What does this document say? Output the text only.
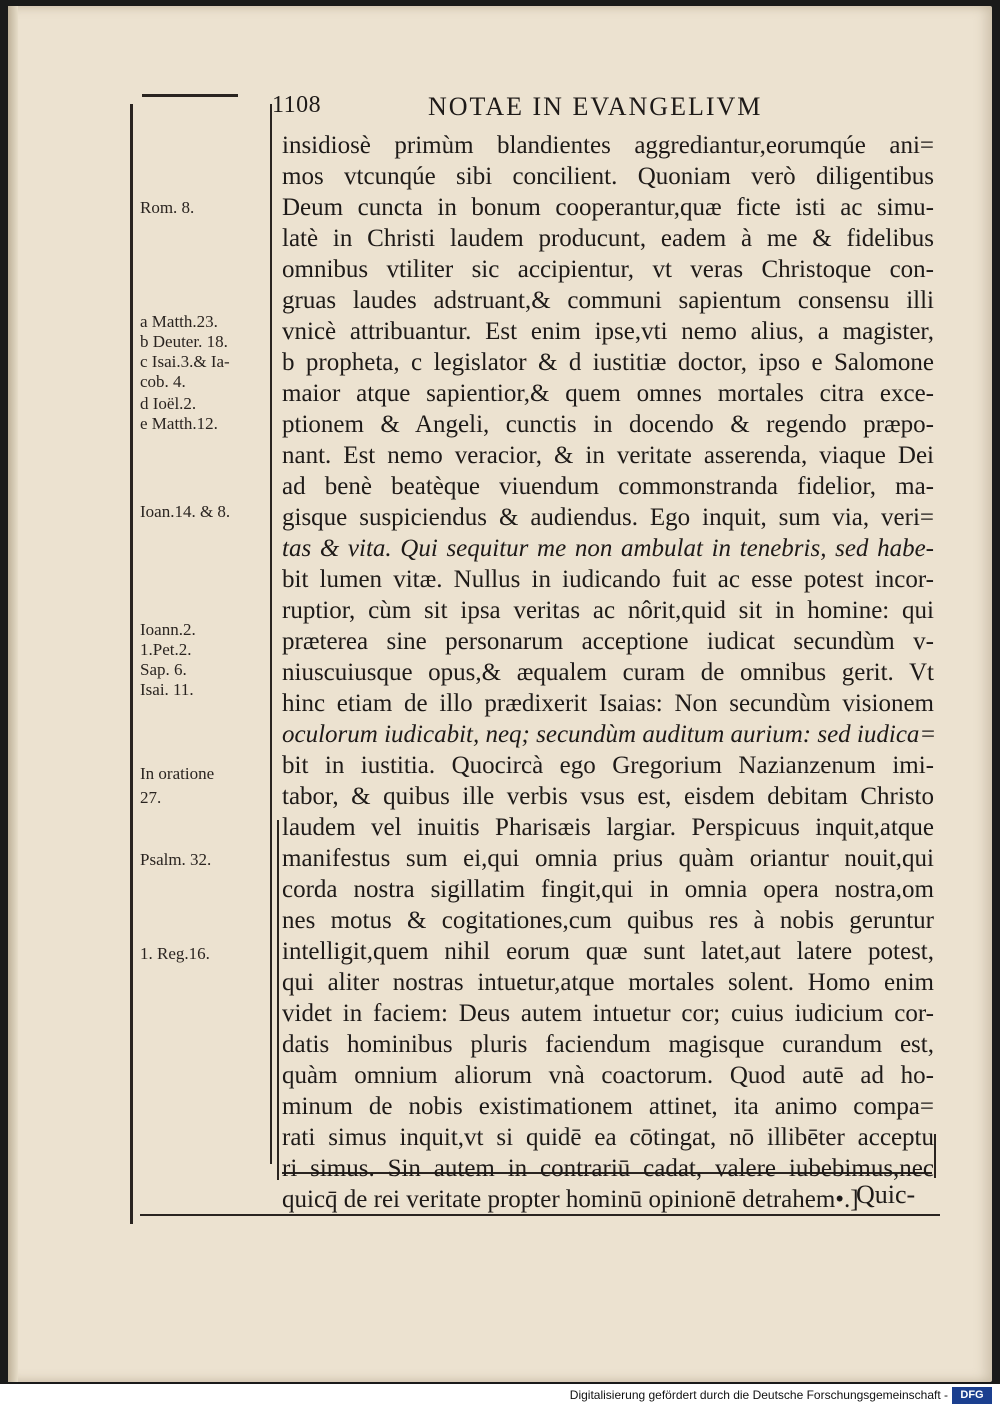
1108	NOTAE IN EVANGELIVM
insidiosè primùm blandientes aggrediantur,eorumqúe ani=
mos vtcunqúe sibi concilient. Quoniam verò diligentibus
Deum cuncta in bonum cooperantur,quæ ficte isti ac simu-
latè in Christi laudem producunt, eadem à me & fidelibus
omnibus vtiliter sic accipientur, vt veras Christoque con-
gruas laudes adstruant,& communi sapientum consensu illi
vnicè attribuantur. Est enim ipse,vti nemo alius, a magister,
b propheta, c legislator & d iustitiæ doctor, ipso e Salomone
maior atque sapientior,& quem omnes mortales citra exce-
ptionem & Angeli, cunctis in docendo & regendo præpo-
nant. Est nemo veracior, & in veritate asserenda, viaque Dei
ad benè beatèque viuendum commonstranda fidelior, ma-
gisque suspiciendus & audiendus. Ego inquit, sum via, veri=
tas & vita. Qui sequitur me non ambulat in tenebris, sed habe-
bit lumen vitæ. Nullus in iudicando fuit ac esse potest incor-
ruptior, cùm sit ipsa veritas ac nôrit,quid sit in homine: qui
præterea sine personarum acceptione iudicat secundùm v-
niuscuiusque opus,& æqualem curam de omnibus gerit. Vt
hinc etiam de illo prædixerit Isaias: Non secundùm visionem
oculorum iudicabit, neq; secundùm auditum aurium: sed iudica=
bit in iustitia. Quocircà ego Gregorium Nazianzenum imi-
tabor, & quibus ille verbis vsus est, eisdem debitam Christo
laudem vel inuitis Pharisæis largiar. Perspicuus inquit,atque
manifestus sum ei,qui omnia prius quàm oriantur nouit,qui
corda nostra sigillatim fingit,qui in omnia opera nostra,om
nes motus & cogitationes,cum quibus res à nobis geruntur
intelligit,quem nihil eorum quæ sunt latet,aut latere potest,
qui aliter nostras intuetur,atque mortales solent. Homo enim
videt in faciem: Deus autem intuetur cor; cuius iudicium cor-
datis hominibus pluris faciendum magisque curandum est,
quàm omnium aliorum vnà coactorum. Quod autē ad ho-
minum de nobis existimationem attinet, ita animo compa=
rati simus inquit,vt si quidē ea cōtingat, nō illibēter acceptu
ri simus. Sin autem in contrariū cadat, valere iubebimus,nec
quicq̄ de rei veritate propter hominū opinionē detrahem•.]
Rom. 8.
a Matth.23.
b Deuter. 18.
c Isai.3.& Ia-
cob. 4.
d Ioël.2.
e Matth.12.
Ioan.14. & 8.
Ioann.2.
1.Pet.2.
Sap. 6.
Isai. 11.
In oratione
27.
Psalm. 32.
1. Reg.16.
Quic-
Digitalisierung gefördert durch die Deutsche Forschungsgemeinschaft -	DFG
